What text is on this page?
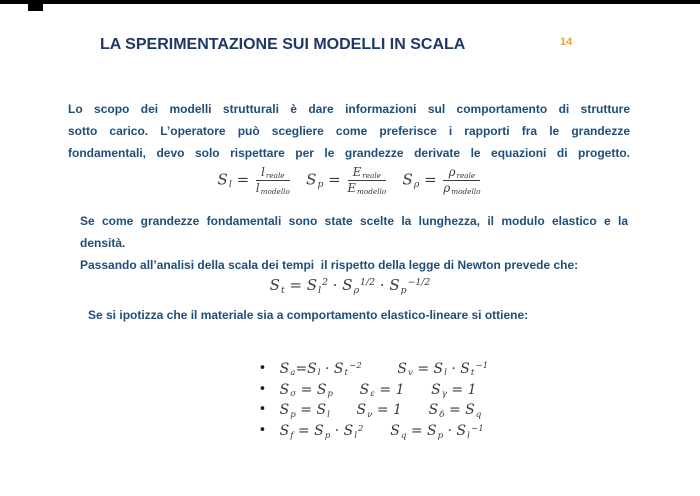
LA SPERIMENTAZIONE SUI MODELLI IN SCALA	14
Lo scopo dei modelli strutturali è dare informazioni sul comportamento di strutture
sotto carico. L’operatore può scegliere come preferisce i rapporti fra le grandezze
fondamentali, devo solo rispettare per le grandezze derivate le equazioni di progetto.
$S_l = \frac{l_{reale}}{l_{modello}} S_p = \frac{E_{reale}}{E_{modello}} S_\rho = \frac{\rho_{reale}}{\rho_{modello}}$
Se come grandezze fondamentali sono state scelte la lunghezza, il modulo elastico e la
densità.
Passando all’analisi della scala dei tempi  il rispetto della legge di Newton prevede che:
$S_t = S_l^2 \cdot S_\rho^{1/2} \cdot S_p^{-1/2}$
Se si ipotizza che il materiale sia a comportamento elastico-lineare si ottiene:

• $S_a=S_l \cdot S_t^{-2}$        $S_v = S_l \cdot S_t^{-1}$

• $S_\sigma = S_p$      $S_\varepsilon = 1$      $S_\gamma = 1$

• $S_p = S_l$      $S_\nu = 1$      $S_\delta = S_q$

• $S_f = S_p \cdot S_l^2$      $S_q = S_p \cdot S_l^{-1}$
